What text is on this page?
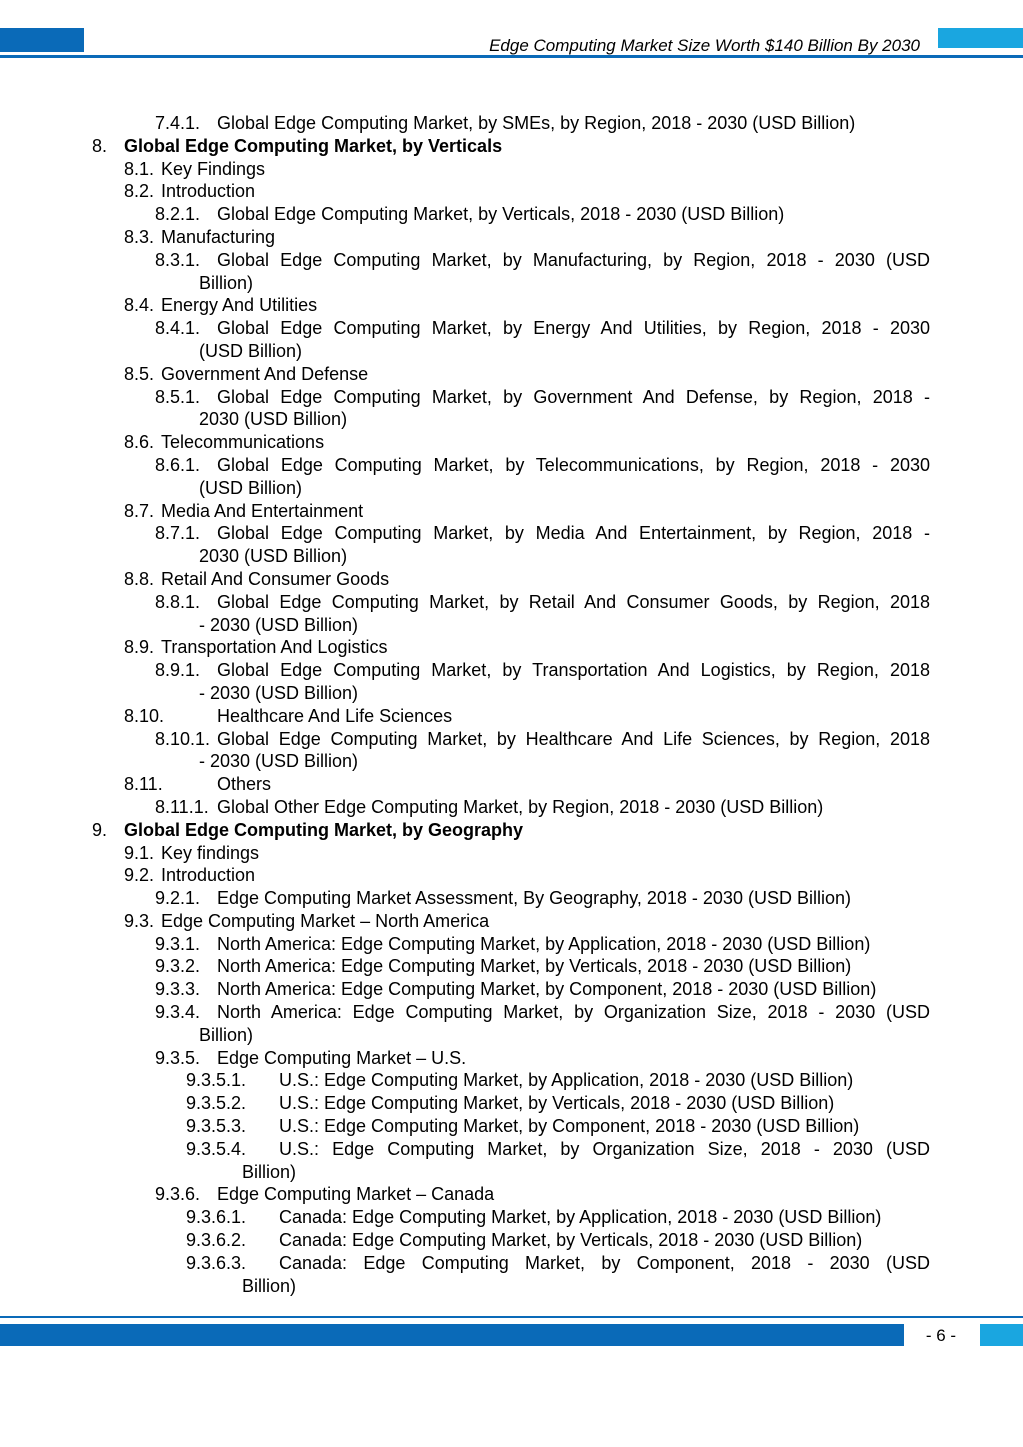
Edge Computing Market Size Worth $140 Billion By 2030
7.4.1. Global Edge Computing Market, by SMEs, by Region, 2018 - 2030 (USD Billion)
8. Global Edge Computing Market, by Verticals
8.1. Key Findings
8.2. Introduction
8.2.1. Global Edge Computing Market, by Verticals, 2018 - 2030 (USD Billion)
8.3. Manufacturing
8.3.1. Global Edge Computing Market, by Manufacturing, by Region, 2018 - 2030 (USD
Billion)
8.4. Energy And Utilities
8.4.1. Global Edge Computing Market, by Energy And Utilities, by Region, 2018 - 2030
(USD Billion)
8.5. Government And Defense
8.5.1. Global Edge Computing Market, by Government And Defense, by Region, 2018 -
2030 (USD Billion)
8.6. Telecommunications
8.6.1. Global Edge Computing Market, by Telecommunications, by Region, 2018 - 2030
(USD Billion)
8.7. Media And Entertainment
8.7.1. Global Edge Computing Market, by Media And Entertainment, by Region, 2018 -
2030 (USD Billion)
8.8. Retail And Consumer Goods
8.8.1. Global Edge Computing Market, by Retail And Consumer Goods, by Region, 2018
- 2030 (USD Billion)
8.9. Transportation And Logistics
8.9.1. Global Edge Computing Market, by Transportation And Logistics, by Region, 2018
- 2030 (USD Billion)
8.10.	Healthcare And Life Sciences
8.10.1. Global Edge Computing Market, by Healthcare And Life Sciences, by Region, 2018
- 2030 (USD Billion)
8.11.	Others
8.11.1. Global Other Edge Computing Market, by Region, 2018 - 2030 (USD Billion)
9. Global Edge Computing Market, by Geography
9.1. Key findings
9.2. Introduction
9.2.1. Edge Computing Market Assessment, By Geography, 2018 - 2030 (USD Billion)
9.3. Edge Computing Market – North America
9.3.1. North America: Edge Computing Market, by Application, 2018 - 2030 (USD Billion)
9.3.2. North America: Edge Computing Market, by Verticals, 2018 - 2030 (USD Billion)
9.3.3. North America: Edge Computing Market, by Component, 2018 - 2030 (USD Billion)
9.3.4. North America: Edge Computing Market, by Organization Size, 2018 - 2030 (USD
Billion)
9.3.5. Edge Computing Market – U.S.
9.3.5.1. U.S.: Edge Computing Market, by Application, 2018 - 2030 (USD Billion)
9.3.5.2. U.S.: Edge Computing Market, by Verticals, 2018 - 2030 (USD Billion)
9.3.5.3. U.S.: Edge Computing Market, by Component, 2018 - 2030 (USD Billion)
9.3.5.4. U.S.: Edge Computing Market, by Organization Size, 2018 - 2030 (USD
Billion)
9.3.6. Edge Computing Market – Canada
9.3.6.1. Canada: Edge Computing Market, by Application, 2018 - 2030 (USD Billion)
9.3.6.2. Canada: Edge Computing Market, by Verticals, 2018 - 2030 (USD Billion)
9.3.6.3. Canada: Edge Computing Market, by Component, 2018 - 2030 (USD
Billion)
- 6 -
